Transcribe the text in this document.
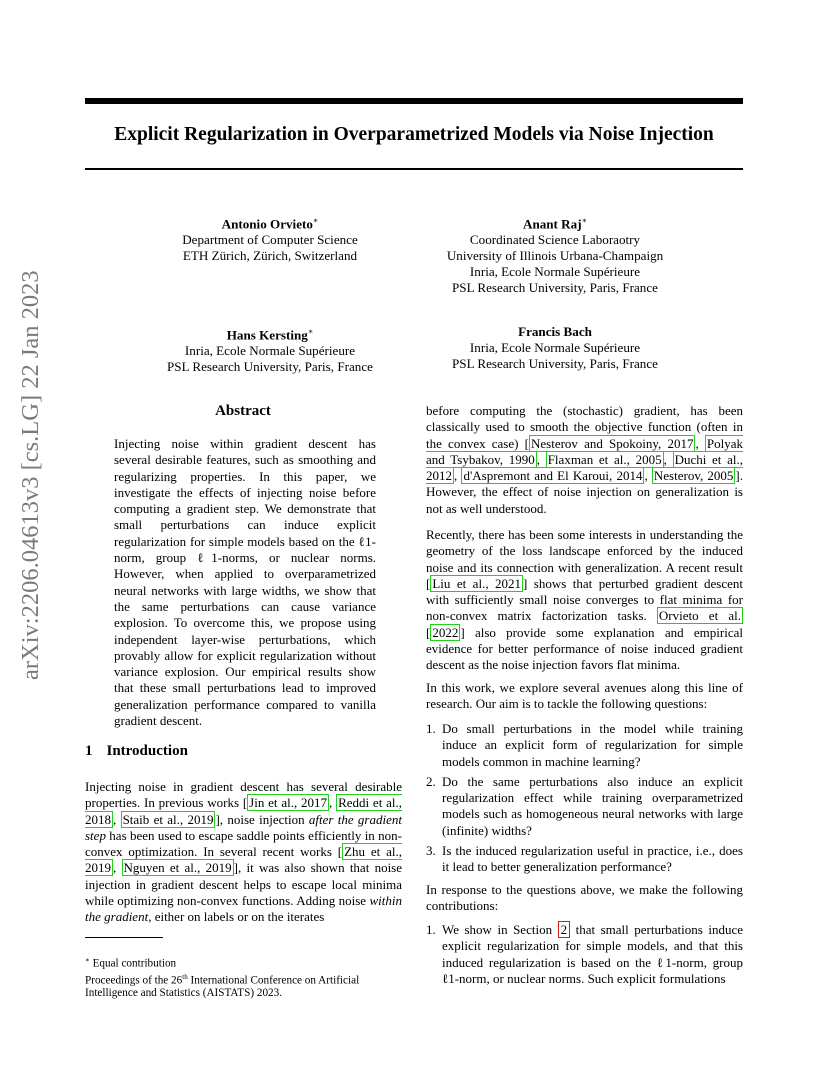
arXiv:2206.04613v3 [cs.LG] 22 Jan 2023
Explicit Regularization in Overparametrized Models via Noise Injection
Antonio Orvieto∗
Department of Computer Science
ETH Zürich, Zürich, Switzerland
Anant Raj∗
Coordinated Science Laboraotry
University of Illinois Urbana-Champaign
Inria, Ecole Normale Supérieure
PSL Research University, Paris, France
Hans Kersting∗
Inria, Ecole Normale Supérieure
PSL Research University, Paris, France
Francis Bach
Inria, Ecole Normale Supérieure
PSL Research University, Paris, France
Abstract

Injecting noise within gradient descent has several desirable features, such as smoothing and regularizing properties. In this paper, we investigate the effects of injecting noise before computing a gradient step. We demonstrate that small perturbations can induce explicit regularization for simple models based on the ℓ1-norm, group ℓ1-norms, or nuclear norms. However, when applied to overparametrized neural networks with large widths, we show that the same perturbations can cause variance explosion. To overcome this, we propose using independent layer-wise perturbations, which provably allow for explicit regularization without variance explosion. Our empirical results show that these small perturbations lead to improved generalization performance compared to vanilla gradient descent.

1 Introduction

Injecting noise in gradient descent has several desirable properties. In previous works [ Jin et al., 2017 , Reddi et al., 2018 , Staib et al., 2019 ], noise injection after the gradient step has been used to escape saddle points efficiently in non-convex optimization. In several recent works [ Zhu et al., 2019 , Nguyen et al., 2019 ], it was also shown that noise injection in gradient descent helps to escape local minima while optimizing non-convex functions. Adding noise within the gradient, either on labels or on the iterates

∗ Equal contribution
Proceedings of the 26th International Conference on Artificial Intelligence and Statistics (AISTATS) 2023.

before computing the (stochastic) gradient, has been classically used to smooth the objective function (often in the convex case) [ Nesterov and Spokoiny, 2017 , Polyak and Tsybakov, 1990 , Flaxman et al., 2005 , Duchi et al., 2012 , d'Aspremont and El Karoui, 2014 , Nesterov, 2005 ]. However, the effect of noise injection on generalization is not as well understood.

Recently, there has been some interests in understanding the geometry of the loss landscape enforced by the induced noise and its connection with generalization. A recent result [ Liu et al., 2021 ] shows that perturbed gradient descent with sufficiently small noise converges to flat minima for non-convex matrix factorization tasks. Orvieto et al. [ 2022 ] also provide some explanation and empirical evidence for better performance of noise induced gradient descent as the noise injection favors flat minima.

In this work, we explore several avenues along this line of research. Our aim is to tackle the following questions:

1. Do small perturbations in the model while training induce an explicit form of regularization for simple models common in machine learning?
2. Do the same perturbations also induce an explicit regularization effect while training overparametrized models such as homogeneous neural networks with large (infinite) widths?
3. Is the induced regularization useful in practice, i.e., does it lead to better generalization performance?

In response to the questions above, we make the following contributions:

1. We show in Section 2 that small perturbations induce explicit regularization for simple models, and that this induced regularization is based on the ℓ1-norm, group ℓ1-norm, or nuclear norms. Such explicit formulations
